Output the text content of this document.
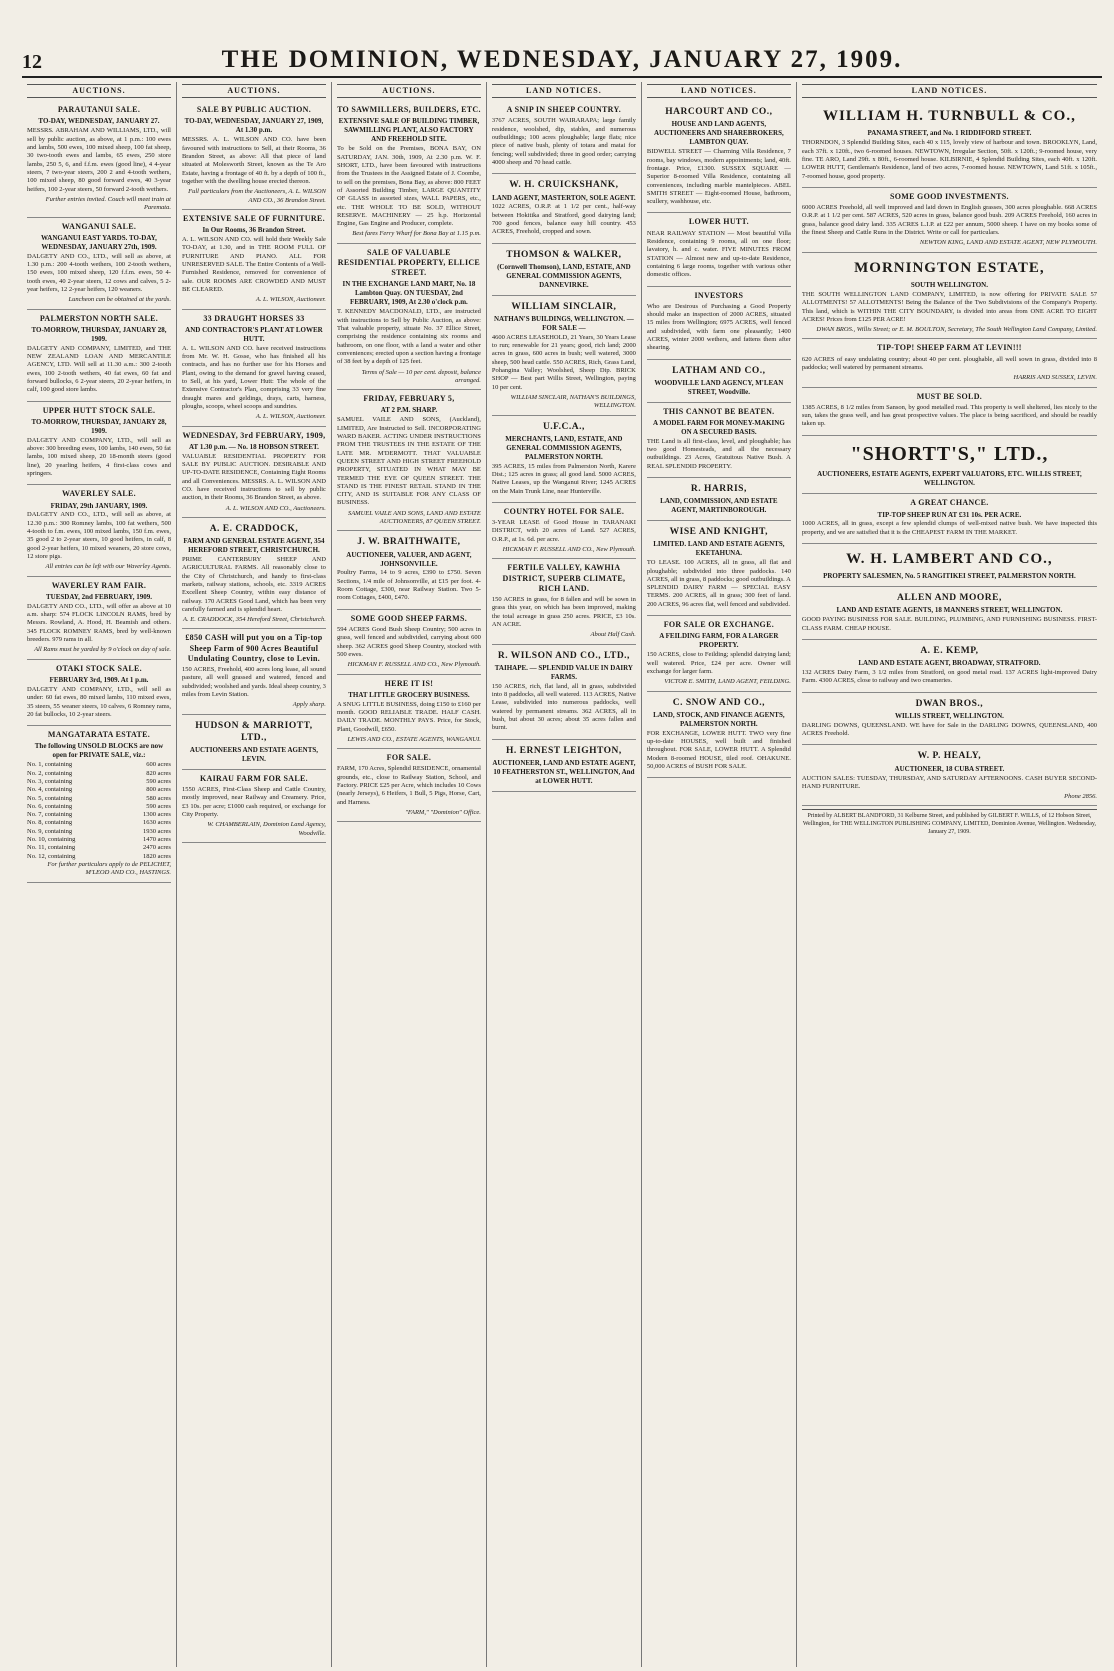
12	THE DOMINION, WEDNESDAY, JANUARY 27, 1909.
AUCTIONS.
PARAUTANUI SALE.
TO-DAY, WEDNESDAY, JANUARY 27.

MESSRS. ABRAHAM AND WILLIAMS, LTD., will sell by public auction, as above, at 1 p.m.: 100 ewes and lambs, 500 ewes, 100 mixed sheep, 100 fat sheep, 30 two-tooth ewes and lambs, 65 ewes, 250 store lambs, 250 5, 6, and f.f.m. ewes (good line), 4 4-year steers, 7 two-year steers, 200 2 and 4-tooth wethers, 100 mixed sheep, 80 good forward ewes, 40 3-year heifers, 100 2-year steers, 50 forward 2-tooth wethers.

Further entries invited. Couch will meet train at Paremata.
WANGANUI SALE.
WANGANUI EAST YARDS. TO-DAY, WEDNESDAY, JANUARY 27th, 1909.

DALGETY AND CO., LTD., will sell as above, at 1.30 p.m.: 200 4-tooth wethers, 100 2-tooth wethers, 150 ewes, 100 mixed sheep, 120 f.f.m. ewes, 50 4-tooth ewes, 40 2-year steers, 12 cows and calves, 5 2-year heifers, 12 2-year heifers, 120 weaners.

Luncheon can be obtained at the yards.
PALMERSTON NORTH SALE.
TO-MORROW, THURSDAY, JANUARY 28, 1909.

DALGETY AND COMPANY, LIMITED, and THE NEW ZEALAND LOAN AND MERCANTILE AGENCY, LTD. Will sell at 11.30 a.m.: 300 2-tooth ewes, 100 2-tooth wethers, 40 fat ewes, 60 fat and forward bullocks, 6 2-year steers, 20 2-year heifers, in calf, 100 good store lambs.

UPPER HUTT STOCK SALE.
TO-MORROW, THURSDAY, JANUARY 28, 1909.

DALGETY AND COMPANY, LTD., will sell as above: 300 breeding ewes, 100 lambs, 140 ewes, 50 fat lambs, 100 mixed sheep, 20 18-month steers (good line), 20 yearling heifers, 4 first-class cows and springers.

WAVERLEY SALE.
FRIDAY, 29th JANUARY, 1909.

DALGETY AND CO., LTD., will sell as above, at 12.30 p.m.: 300 Romney lambs, 100 fat wethers, 500 4-tooth to f.m. ewes, 100 mixed lambs, 150 f.m. ewes, 35 good 2 to 2-year steers, 10 good heifers, in calf, 8 good 2-year heifers, 10 mixed weaners, 20 store cows, 12 store pigs.

All entries can be left with our Waverley Agents.
WAVERLEY RAM FAIR.
TUESDAY, 2nd FEBRUARY, 1909.

DALGETY AND CO., LTD., will offer as above at 10 a.m. sharp: 574 FLOCK LINCOLN RAMS, bred by Messrs. Rowland, A. Hood, H. Beamish and others. 345 FLOCK ROMNEY RAMS, bred by well-known breeders. 979 rams in all.

All Rams must be yarded by 9 o'clock on day of sale.
OTAKI STOCK SALE.
FEBRUARY 3rd, 1909. At 1 p.m.

DALGETY AND COMPANY, LTD., will sell as under: 60 fat ewes, 80 mixed lambs, 110 mixed ewes, 35 steers, 55 weaner steers, 10 calves, 6 Romney rams, 20 fat bullocks, 10 2-year steers.

MANGATARATA ESTATE.
The following UNSOLD BLOCKS are now open for PRIVATE SALE, viz.:
No. 1, containing	600 acres
No. 2, containing	820 acres
No. 3, containing	590 acres
No. 4, containing	800 acres
No. 5, containing	580 acres
No. 6, containing	590 acres
No. 7, containing	1300 acres
No. 8, containing	1630 acres
No. 9, containing	1930 acres
No. 10, containing	1470 acres
No. 11, containing	2470 acres
No. 12, containing	1820 acres
For further particulars apply to de PELICHET, M'LEOD AND CO., HASTINGS.
AUCTIONS.
SALE BY PUBLIC AUCTION.
TO-DAY, WEDNESDAY, JANUARY 27, 1909, At 1.30 p.m.

MESSRS. A. L. WILSON AND CO. have been favoured with instructions to Sell, at their Rooms, 36 Brandon Street, as above: All that piece of land situated at Molesworth Street, known as the Te Aro Estate, having a frontage of 40 ft. by a depth of 100 ft., together with the dwelling house erected thereon.

Full particulars from the Auctioneers, A. L. WILSON AND CO., 36 Brandon Street.
EXTENSIVE SALE OF FURNITURE.
In Our Rooms, 36 Brandon Street.

A. L. WILSON AND CO. will hold their Weekly Sale TO-DAY, at 1.30, and in THE ROOM FULL OF FURNITURE AND PIANO. ALL FOR UNRESERVED SALE. The Entire Contents of a Well-Furnished Residence, removed for convenience of sale. OUR ROOMS ARE CROWDED AND MUST BE CLEARED.

A. L. WILSON, Auctioneer.
33 DRAUGHT HORSES 33
AND CONTRACTOR'S PLANT AT LOWER HUTT.

A. L. WILSON AND CO. have received instructions from Mr. W. H. Gosse, who has finished all his contracts, and has no further use for his Horses and Plant, owing to the demand for gravel having ceased, to Sell, at his yard, Lower Hutt: The whole of the Extensive Contractor's Plan, comprising 33 very fine draught mares and geldings, drays, carts, harness, ploughs, scoops, wheel scoops and sundries.

A. L. WILSON, Auctioneer.
WEDNESDAY, 3rd FEBRUARY, 1909,
AT 1.30 p.m. — No. 18 HOBSON STREET.

VALUABLE RESIDENTIAL PROPERTY FOR SALE BY PUBLIC AUCTION. DESIRABLE AND UP-TO-DATE RESIDENCE, Containing Eight Rooms and all Conveniences. MESSRS. A. L. WILSON AND CO. have received instructions to sell by public auction, in their Rooms, 36 Brandon Street, as above.

A. L. WILSON AND CO., Auctioneers.
A. E. CRADDOCK,
FARM AND GENERAL ESTATE AGENT, 354 HEREFORD STREET, CHRISTCHURCH.

PRIME CANTERBURY SHEEP AND AGRICULTURAL FARMS. All reasonably close to the City of Christchurch, and handy to first-class markets, railway stations, schools, etc. 3319 ACRES Excellent Sheep Country, within easy distance of railway. 170 ACRES Good Land, which has been very carefully farmed and is splendid heart.

A. E. CRADDOCK, 354 Hereford Street, Christchurch.
£850 CASH will put you on a Tip-top Sheep Farm of 900 Acres Beautiful Undulating Country, close to Levin.

150 ACRES, Freehold, 400 acres long lease, all sound pasture, all well grassed and watered, fenced and subdivided; woolshed and yards. Ideal sheep country, 3 miles from Levin Station.

Apply sharp.
HUDSON & MARRIOTT, LTD.,
AUCTIONEERS AND ESTATE AGENTS, LEVIN.
KAIRAU FARM FOR SALE.

1550 ACRES, First-Class Sheep and Cattle Country, mostly improved, near Railway and Creamery. Price, £3 10s. per acre; £1000 cash required, or exchange for City Property.

W. CHAMBERLAIN, Dominion Land Agency, Woodville.
AUCTIONS.
TO SAWMILLERS, BUILDERS, ETC.
EXTENSIVE SALE OF BUILDING TIMBER, SAWMILLING PLANT, ALSO FACTORY AND FREEHOLD SITE.

To be Sold on the Premises, BONA BAY, ON SATURDAY, JAN. 30th, 1909, At 2.30 p.m. W. F. SHORT, LTD., have been favoured with instructions from the Trustees in the Assigned Estate of J. Coombe, to sell on the premises, Bona Bay, as above: 800 FEET of Assorted Building Timber, LARGE QUANTITY OF GLASS in assorted sizes, WALL PAPERS, etc., etc. THE WHOLE TO BE SOLD, WITHOUT RESERVE. MACHINERY — 25 h.p. Horizontal Engine, Gas Engine and Producer, complete.

Best fares Ferry Wharf for Bona Bay at 1.15 p.m.
SALE OF VALUABLE RESIDENTIAL PROPERTY, ELLICE STREET.
IN THE EXCHANGE LAND MART, No. 18 Lambton Quay. ON TUESDAY, 2nd FEBRUARY, 1909, At 2.30 o'clock p.m.

T. KENNEDY MACDONALD, LTD., are instructed with instructions to Sell by Public Auction, as above: That valuable property, situate No. 37 Ellice Street, comprising the residence containing six rooms and bathroom, on one floor, with a land a water and other conveniences; erected upon a section having a frontage of 38 feet by a depth of 125 feet.

Terms of Sale — 10 per cent. deposit, balance arranged.
FRIDAY, FEBRUARY 5,
AT 2 P.M. SHARP.

SAMUEL VAILE AND SONS, (Auckland), LIMITED, Are Instructed to Sell. INCORPORATING WARD BAKER. ACTING UNDER INSTRUCTIONS FROM THE TRUSTEES IN THE ESTATE OF THE LATE MR. M'DERMOTT. THAT VALUABLE QUEEN STREET AND HIGH STREET FREEHOLD PROPERTY, SITUATED IN WHAT MAY BE TERMED THE EYE OF QUEEN STREET. THE STAND IS THE FINEST RETAIL STAND IN THE CITY, AND IS SUITABLE FOR ANY CLASS OF BUSINESS.

SAMUEL VAILE AND SONS, LAND AND ESTATE AUCTIONEERS, 87 QUEEN STREET.
J. W. BRAITHWAITE,
AUCTIONEER, VALUER, AND AGENT, JOHNSONVILLE.

Poultry Farms, 14 to 9 acres, £390 to £750. Seven Sections, 1/4 mile of Johnsonville, at £15 per foot. 4-Room Cottage, £300, near Railway Station. Two 5-room Cottages, £400, £470.

SOME GOOD SHEEP FARMS.

594 ACRES Good Bush Sheep Country; 500 acres in grass, well fenced and subdivided, carrying about 600 sheep. 362 ACRES good Sheep Country, stocked with 500 ewes.

HICKMAN F. RUSSELL AND CO., New Plymouth.
HERE IT IS!
THAT LITTLE GROCERY BUSINESS.

A SNUG LITTLE BUSINESS, doing £150 to £160 per month. GOOD RELIABLE TRADE. HALF CASH. DAILY TRADE. MONTHLY PAYS. Price, for Stock, Plant, Goodwill, £650.

LEWIS AND CO., ESTATE AGENTS, WANGANUI.
FOR SALE.

FARM, 170 Acres, Splendid RESIDENCE, ornamental grounds, etc., close to Railway Station, School, and Factory. PRICE £25 per Acre, which includes 10 Cows (nearly Jerseys), 6 Heifers, 1 Bull, 5 Pigs, Horse, Cart, and Harness.

"FARM," "Dominion" Office.
LAND NOTICES.
A SNIP IN SHEEP COUNTRY.

3767 ACRES, SOUTH WAIRARAPA; large family residence, woolshed, dip, stables, and numerous outbuildings; 100 acres ploughable; large flats; nice piece of native bush, plenty of totara and matai for fencing; well subdivided; three in good order; carrying 4000 sheep and 70 head cattle.

W. H. CRUICKSHANK,
LAND AGENT, MASTERTON, SOLE AGENT.

1022 ACRES, O.R.P. at 1 1/2 per cent., half-way between Hokitika and Stratford, good dairying land; 700 good fences, balance easy hill country. 453 ACRES, Freehold, cropped and sown.

THOMSON & WALKER,
(Cornwell Thomson), LAND, ESTATE, AND GENERAL COMMISSION AGENTS, DANNEVIRKE.
WILLIAM SINCLAIR,
NATHAN'S BUILDINGS, WELLINGTON. — FOR SALE —

4600 ACRES LEASEHOLD, 21 Years, 30 Years Lease to run; renewable for 21 years; good, rich land; 2000 acres in grass, 600 acres in bush; well watered, 3000 sheep, 500 head cattle. 550 ACRES, Rich, Grass Land, Pohangina Valley; Woolshed, Sheep Dip. BRICK SHOP — Best part Willis Street, Wellington, paying 10 per cent.

WILLIAM SINCLAIR, NATHAN'S BUILDINGS, WELLINGTON.
U.F.C.A.,
MERCHANTS, LAND, ESTATE, AND GENERAL COMMISSION AGENTS, PALMERSTON NORTH.

395 ACRES, 15 miles from Palmerston North, Karere Dist.; 125 acres in grass; all good land. 5000 ACRES, Native Leases, up the Wanganui River; 1245 ACRES on the Main Trunk Line, near Hunterville.

COUNTRY HOTEL FOR SALE.

3-YEAR LEASE of Good House in TARANAKI DISTRICT, with 20 acres of Land. 527 ACRES, O.R.P., at 1s. 6d. per acre.

HICKMAN F. RUSSELL AND CO., New Plymouth.
FERTILE VALLEY, KAWHIA DISTRICT, SUPERB CLIMATE, RICH LAND.

150 ACRES in grass, for 8 fallen and will be sown in grass this year, on which has been improved, making the total acreage in grass 250 acres. PRICE, £3 10s. AN ACRE.

About Half Cash.
R. WILSON AND CO., LTD.,
TAIHAPE. — SPLENDID VALUE IN DAIRY FARMS.

150 ACRES, rich, flat land, all in grass, subdivided into 8 paddocks, all well watered. 113 ACRES, Native Lease, subdivided into numerous paddocks, well watered by permanent streams. 362 ACRES, all in bush, but about 30 acres; about 35 acres fallen and burnt.

H. ERNEST LEIGHTON,
AUCTIONEER, LAND AND ESTATE AGENT, 10 FEATHERSTON ST., WELLINGTON, And at LOWER HUTT.
LAND NOTICES.
HARCOURT AND CO.,
HOUSE AND LAND AGENTS, AUCTIONEERS AND SHAREBROKERS, LAMBTON QUAY.

BIDWELL STREET — Charming Villa Residence, 7 rooms, bay windows, modern appointments; land, 40ft. frontage. Price, £1300. SUSSEX SQUARE — Superior 8-roomed Villa Residence, containing all conveniences, including marble mantelpieces. ABEL SMITH STREET — Eight-roomed House, bathroom, scullery, washhouse, etc.

LOWER HUTT.

NEAR RAILWAY STATION — Most beautiful Villa Residence, containing 9 rooms, all on one floor; lavatory, h. and c. water. FIVE MINUTES FROM STATION — Almost new and up-to-date Residence, containing 6 large rooms, together with various other domestic offices.

INVESTORS

Who are Desirous of Purchasing a Good Property should make an inspection of 2000 ACRES, situated 15 miles from Wellington; 6975 ACRES, well fenced and subdivided, with farm one pleasantly; 1400 ACRES, winter 2000 wethers, and fattens them after shearing.

LATHAM AND CO.,
WOODVILLE LAND AGENCY, M'LEAN STREET, Woodville.
THIS CANNOT BE BEATEN.
A MODEL FARM FOR MONEY-MAKING ON A SECURED BASIS.

THE Land is all first-class, level, and ploughable; has two good Homesteads, and all the necessary outbuildings. 23 Acres, Gratuitous Native Bush. A REAL SPLENDID PROPERTY.

R. HARRIS,
LAND, COMMISSION, AND ESTATE AGENT, MARTINBOROUGH.
WISE AND KNIGHT,
LIMITED. LAND AND ESTATE AGENTS, EKETAHUNA.

TO LEASE. 100 ACRES, all in grass, all flat and ploughable; subdivided into three paddocks. 140 ACRES, all in grass, 8 paddocks; good outbuildings. A SPLENDID DAIRY FARM — SPECIAL EASY TERMS. 200 ACRES, all in grass; 300 feet of land. 200 ACRES, 96 acres flat, well fenced and subdivided.

FOR SALE OR EXCHANGE.
A FEILDING FARM, FOR A LARGER PROPERTY.

150 ACRES, close to Feilding; splendid dairying land; well watered. Price, £24 per acre. Owner will exchange for larger farm.

VICTOR E. SMITH, LAND AGENT, FEILDING.
C. SNOW AND CO.,
LAND, STOCK, AND FINANCE AGENTS, PALMERSTON NORTH.

FOR EXCHANGE, LOWER HUTT. TWO very fine up-to-date HOUSES, well built and finished throughout. FOR SALE, LOWER HUTT. A Splendid Modern 8-roomed HOUSE, tiled roof. OHAKUNE. 50,000 ACRES of BUSH FOR SALE.

LAND NOTICES.
WILLIAM H. TURNBULL & CO.,
PANAMA STREET, and No. 1 RIDDIFORD STREET.

THORNDON, 3 Splendid Building Sites, each 40 x 115, lovely view of harbour and town. BROOKLYN, Land, each 37ft. x 120ft., two 6-roomed houses. NEWTOWN, Irregular Section, 50ft. x 120ft.; 9-roomed house, very fine. TE ARO, Land 29ft. x 80ft., 6-roomed house. KILBIRNIE, 4 Splendid Building Sites, each 40ft. x 120ft. LOWER HUTT, Gentleman's Residence, land of two acres, 7-roomed house. NEWTOWN, Land 51ft. x 105ft., 7-roomed house, good property.

SOME GOOD INVESTMENTS.

6000 ACRES Freehold, all well improved and laid down in English grasses, 300 acres ploughable. 668 ACRES O.R.P. at 1 1/2 per cent. 587 ACRES, 520 acres in grass, balance good bush. 209 ACRES Freehold, 160 acres in grass, balance good dairy land. 335 ACRES L.I.P. at £22 per annum, 5000 sheep. I have on my books some of the finest Sheep and Cattle Runs in the District. Write or call for particulars.

NEWTON KING, LAND AND ESTATE AGENT, NEW PLYMOUTH.
MORNINGTON ESTATE,
SOUTH WELLINGTON.

THE SOUTH WELLINGTON LAND COMPANY, LIMITED, is now offering for PRIVATE SALE 57 ALLOTMENTS! 57 ALLOTMENTS! Being the Balance of the Two Subdivisions of the Company's Property. This land, which is WITHIN THE CITY BOUNDARY, is divided into areas from ONE ACRE TO EIGHT ACRES! Prices from £125 PER ACRE!

DWAN BROS., Willis Street; or E. M. BOULTON, Secretary, The South Wellington Land Company, Limited.
TIP-TOP! SHEEP FARM AT LEVIN!!!

620 ACRES of easy undulating country; about 40 per cent. ploughable, all well sown in grass, divided into 8 paddocks; well watered by permanent streams.

HARRIS AND SUSSEX, LEVIN.
MUST BE SOLD.

1385 ACRES, 8 1/2 miles from Sanson, by good metalled road. This property is well sheltered, lies nicely to the sun, takes the grass well, and has great prospective values. The place is being sacrificed, and should be readily taken up.

"SHORTT'S," LTD.,
AUCTIONEERS, ESTATE AGENTS, EXPERT VALUATORS, ETC. WILLIS STREET, WELLINGTON.
A GREAT CHANCE.
TIP-TOP SHEEP RUN AT £31 10s. PER ACRE.

1000 ACRES, all in grass, except a few splendid clumps of well-mixed native bush. We have inspected this property, and we are satisfied that it is the CHEAPEST FARM IN THE MARKET.

W. H. LAMBERT AND CO.,
PROPERTY SALESMEN, No. 5 RANGITIKEI STREET, PALMERSTON NORTH.
ALLEN AND MOORE,
LAND AND ESTATE AGENTS, 18 MANNERS STREET, WELLINGTON.

GOOD PAYING BUSINESS FOR SALE. BUILDING, PLUMBING, AND FURNISHING BUSINESS. FIRST-CLASS FARM. CHEAP HOUSE.

A. E. KEMP,
LAND AND ESTATE AGENT, BROADWAY, STRATFORD.

132 ACRES Dairy Farm, 3 1/2 miles from Stratford, on good metal road. 137 ACRES light-improved Dairy Farm. 4300 ACRES, close to railway and two creameries.

DWAN BROS.,
WILLIS STREET, WELLINGTON.

DARLING DOWNS, QUEENSLAND. WE have for Sale in the DARLING DOWNS, QUEENSLAND, 400 ACRES Freehold.

W. P. HEALY,
AUCTIONEER, 18 CUBA STREET.

AUCTION SALES: TUESDAY, THURSDAY, AND SATURDAY AFTERNOONS. CASH BUYER SECOND-HAND FURNITURE.

Phone 2856.
Printed by ALBERT BLANDFORD, 31 Kelburne Street, and published by GILBERT F. WILLS, of 12 Hobson Street, Wellington, for THE WELLINGTON PUBLISHING COMPANY, LIMITED, Dominion Avenue, Wellington. Wednesday, January 27, 1909.
